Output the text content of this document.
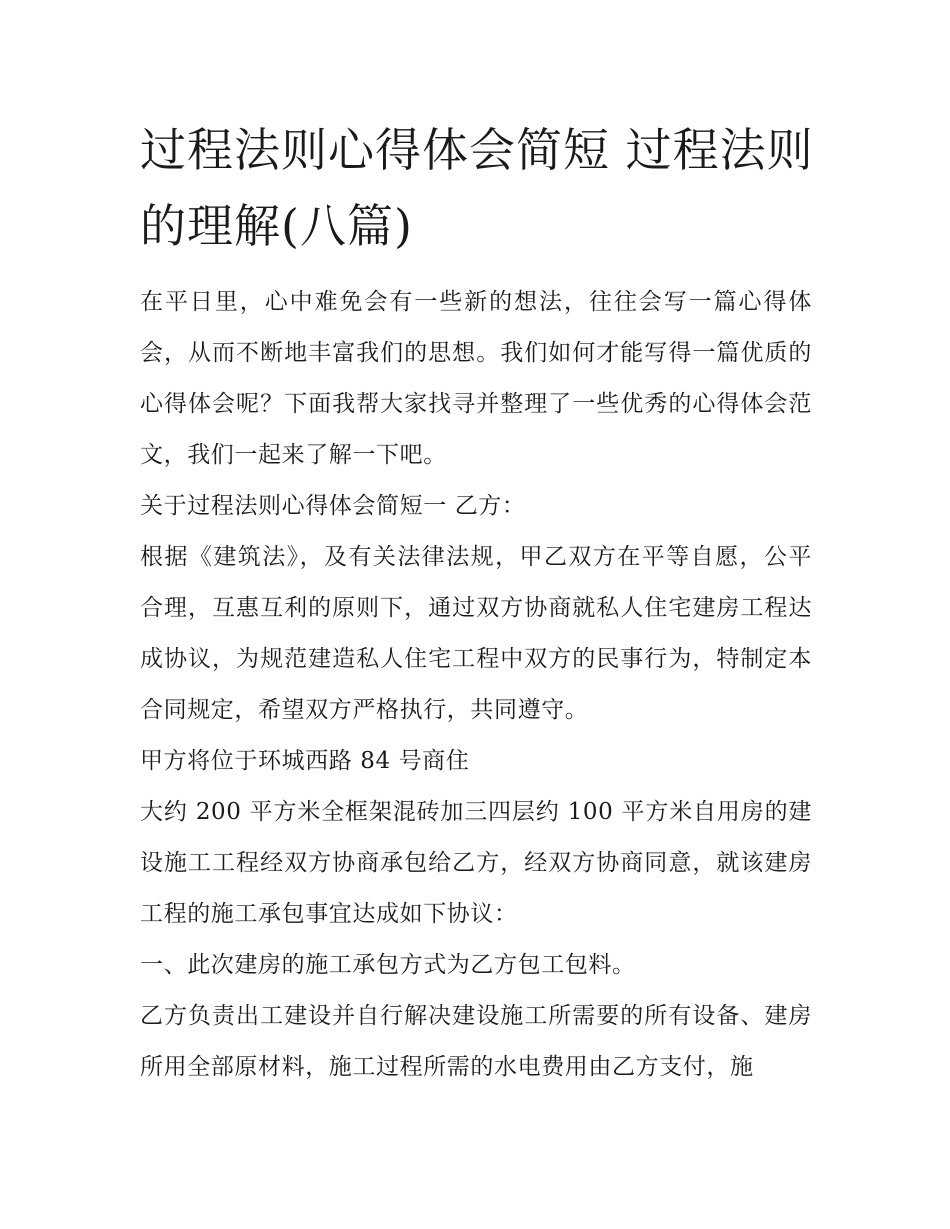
过程法则心得体会简短 过程法则的理解(八篇)

在平日里，心中难免会有一些新的想法，往往会写一篇心得体会，从而不断地丰富我们的思想。我们如何才能写得一篇优质的心得体会呢？下面我帮大家找寻并整理了一些优秀的心得体会范文，我们一起来了解一下吧。

关于过程法则心得体会简短一 乙方：

根据《建筑法》，及有关法律法规，甲乙双方在平等自愿，公平合理，互惠互利的原则下，通过双方协商就私人住宅建房工程达成协议，为规范建造私人住宅工程中双方的民事行为，特制定本合同规定，希望双方严格执行，共同遵守。

甲方将位于环城西路 84 号商住

大约 200 平方米全框架混砖加三四层约 100 平方米自用房的建设施工工程经双方协商承包给乙方，经双方协商同意，就该建房工程的施工承包事宜达成如下协议：

一、此次建房的施工承包方式为乙方包工包料。

乙方负责出工建设并自行解决建设施工所需要的所有设备、建房所用全部原材料，施工过程所需的水电费用由乙方支付，施
